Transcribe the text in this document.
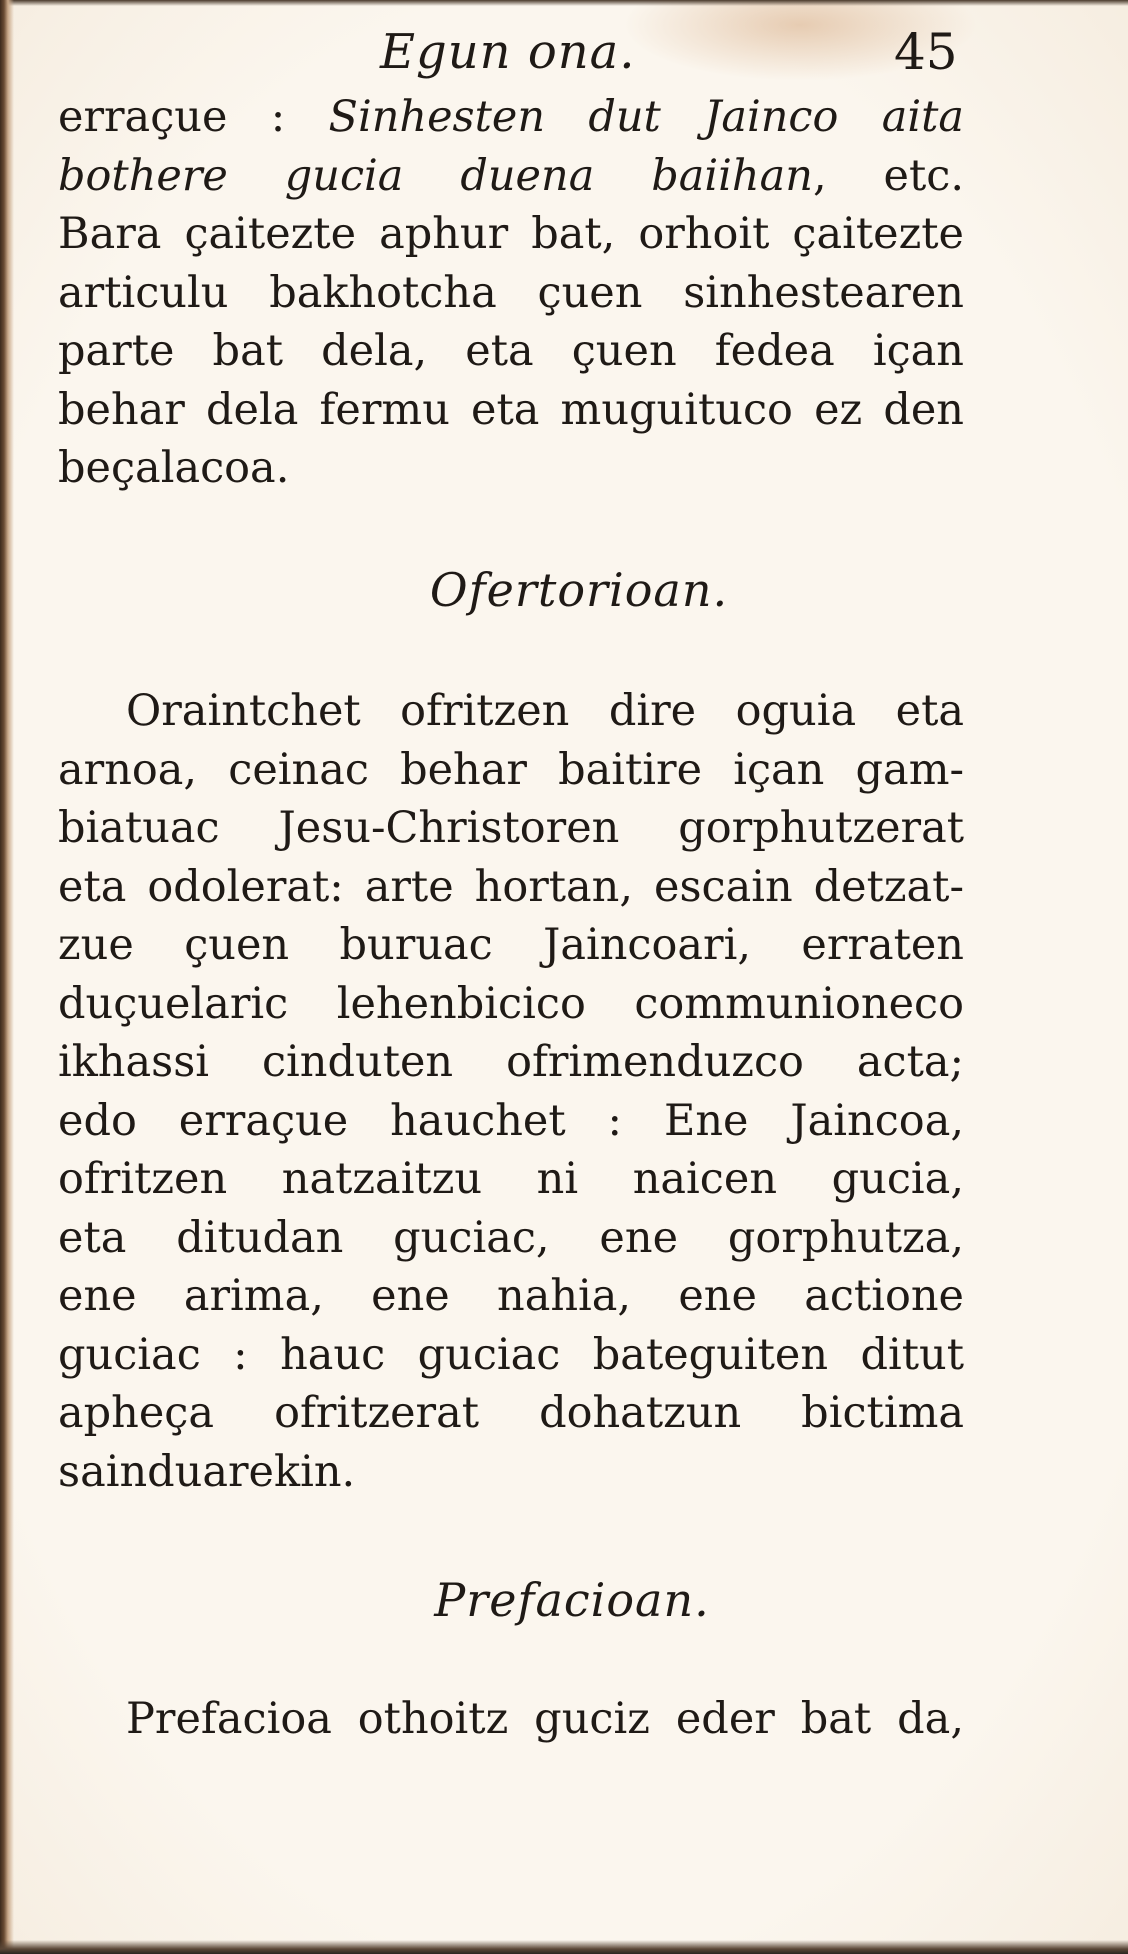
Egun ona.	45
erraçue : Sinhesten dut Jainco aita
bothere gucia duena baiihan, etc.
Bara çaitezte aphur bat, orhoit çaitezte
articulu bakhotcha çuen sinhestearen
parte bat dela, eta çuen fedea içan
behar dela fermu eta muguituco ez den
beçalacoa.
Ofertorioan.
Oraintchet ofritzen dire oguia eta
arnoa, ceinac behar baitire içan gam-
biatuac Jesu-Christoren gorphutzerat
eta odolerat: arte hortan, escain detzat-
zue çuen buruac Jaincoari, erraten
duçuelaric lehenbicico communioneco
ikhassi cinduten ofrimenduzco acta;
edo erraçue hauchet : Ene Jaincoa,
ofritzen natzaitzu ni naicen gucia,
eta ditudan guciac, ene gorphutza,
ene arima, ene nahia, ene actione
guciac : hauc guciac bateguiten ditut
apheça ofritzerat dohatzun bictima
sainduarekin.
Prefacioan.
Prefacioa othoitz guciz eder bat da,
